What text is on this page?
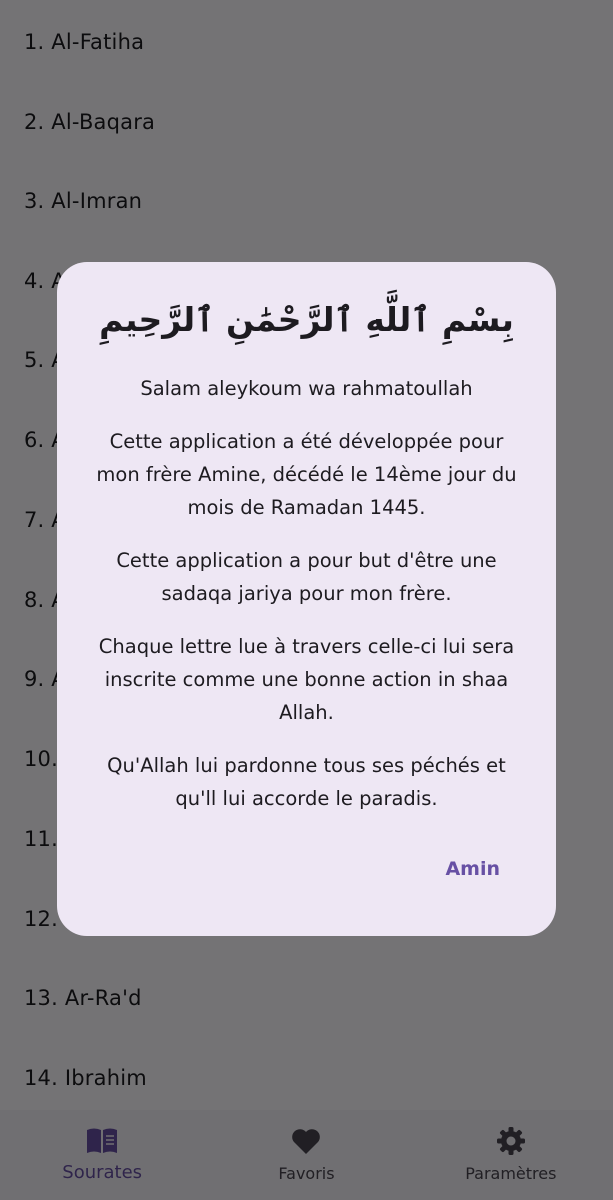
بِسْمِ ٱللَّهِ ٱلرَّحْمَٰنِ ٱلرَّحِيمِ

Salam aleykoum wa rahmatoullah

Cette application a été développée pour mon frère Amine, décédé le 14ème jour du mois de Ramadan 1445.

Cette application a pour but d'être une sadaqa jariya pour mon frère.

Chaque lettre lue à travers celle-ci lui sera inscrite comme une bonne action in shaa Allah.

Qu'Allah lui pardonne tous ses péchés et qu'll lui accorde le paradis.

Amin
